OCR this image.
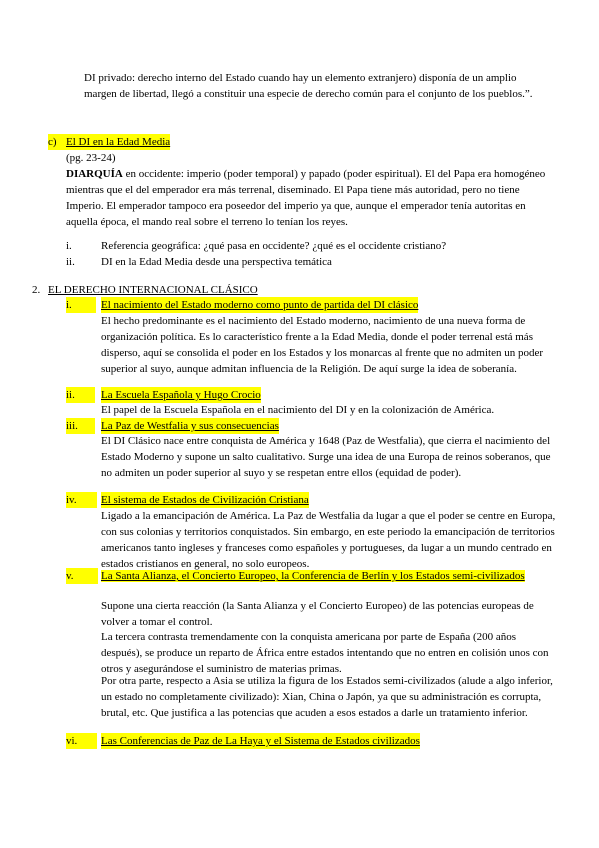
DI privado: derecho interno del Estado cuando hay un elemento extranjero) disponía de un amplio margen de libertad, llegó a constituir una especie de derecho común para el conjunto de los pueblos.”.

c) El DI en la Edad Media
(pg. 23-24)

DIARQUÍA en occidente: imperio (poder temporal) y papado (poder espiritual). El del Papa era homogéneo mientras que el del emperador era más terrenal, diseminado. El Papa tiene más autoridad, pero no tiene Imperio. El emperador tampoco era poseedor del imperio ya que, aunque el emperador tenía autoritas en aquella época, el mando real sobre el terreno lo tenían los reyes.

i.	Referencia geográfica: ¿qué pasa en occidente? ¿qué es el occidente cristiano?
ii. DI en la Edad Media desde una perspectiva temática
2. EL DERECHO INTERNACIONAL CLÁSICO
i.	El nacimiento del Estado moderno como punto de partida del DI clásico

El hecho predominante es el nacimiento del Estado moderno, nacimiento de una nueva forma de organización política. Es lo característico frente a la Edad Media, donde el poder terrenal está más disperso, aquí se consolida el poder en los Estados y los monarcas al frente que no admiten un poder superior al suyo, aunque admitan influencia de la Religión. De aquí surge la idea de soberanía.

ii.	La Escuela Española y Hugo Crocio

El papel de la Escuela Española en el nacimiento del DI y en la colonización de América.

iii.	La Paz de Westfalia y sus consecuencias

El DI Clásico nace entre conquista de América y 1648 (Paz de Westfalia), que cierra el nacimiento del Estado Moderno y supone un salto cualitativo. Surge una idea de una Europa de reinos soberanos, que no admiten un poder superior al suyo y se respetan entre ellos (equidad de poder).

iv.	El sistema de Estados de Civilización Cristiana

Ligado a la emancipación de América. La Paz de Westfalia da lugar a que el poder se centre en Europa, con sus colonias y territorios conquistados. Sin embargo, en este periodo la emancipación de territorios americanos tanto ingleses y franceses como españoles y portugueses, da lugar a un mundo centrado en estados cristianos en general, no solo europeos.

v.	La Santa Alianza, el Concierto Europeo, la Conferencia de Berlín y los Estados semi-civilizados

Supone una cierta reacción (la Santa Alianza y el Concierto Europeo) de las potencias europeas de volver a tomar el control.

La tercera contrasta tremendamente con la conquista americana por parte de España (200 años después), se produce un reparto de África entre estados intentando que no entren en colisión unos con otros y asegurándose el suministro de materias primas.

Por otra parte, respecto a Asia se utiliza la figura de los Estados semi-civilizados (alude a algo inferior, un estado no completamente civilizado): Xian, China o Japón, ya que su administración es corrupta, brutal, etc. Que justifica a las potencias que acuden a esos estados a darle un tratamiento inferior.

vi.	Las Conferencias de Paz de La Haya y el Sistema de Estados civilizados
